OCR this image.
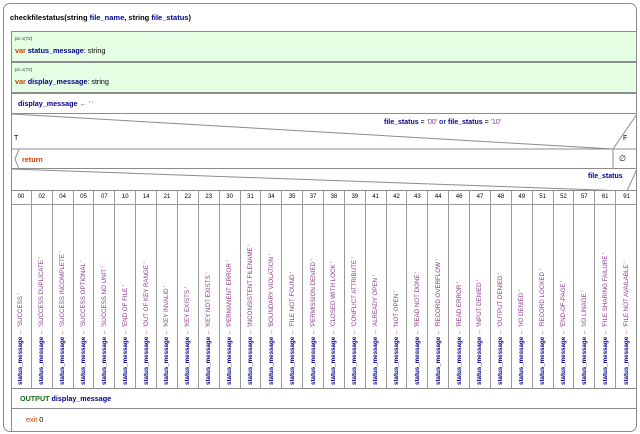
checkfilestatus(string file_name, string file_status)
pic x(72)
var status_message: string
pic x(72)
var display_message: string
display_message ← ' '
file_status = '00' or file_status = '10'
T	F
return	∅
file_status
00
status_message ← 'SUCCESS '
02
status_message ← 'SUCCESS DUPLICATE '
04
status_message ← 'SUCCESS INCOMPLETE '
05
status_message ← 'SUCCESS OPTIONAL '
07
status_message ← 'SUCCESS NO UNIT '
10
status_message ← 'END OF FILE '
14
status_message ← 'OUT OF KEY RANGE '
21
status_message ← 'KEY INVALID '
22
status_message ← 'KEY EXISTS '
23
status_message ← 'KEY NOT EXISTS '
30
status_message ← 'PERMANENT ERROR '
31
status_message ← 'INCONSISTENT FILENAME '
34
status_message ← 'BOUNDARY VIOLATION '
35
status_message ← 'FILE NOT FOUND '
37
status_message ← 'PERMISSION DENIED '
38
status_message ← 'CLOSED WITH LOCK '
39
status_message ← 'CONFLICT ATTRIBUTE '
41
status_message ← 'ALREADY OPEN '
42
status_message ← 'NOT OPEN '
43
status_message ← 'READ NOT DONE '
44
status_message ← 'RECORD OVERFLOW '
46
status_message ← 'READ ERROR '
47
status_message ← 'INPUT DENIED '
48
status_message ← 'OUTPUT DENIED '
49
status_message ← 'I/O DENIED '
51
status_message ← 'RECORD LOCKED '
52
status_message ← 'END-OF-PAGE '
57
status_message ← 'I/O LINAGE '
61
status_message ← 'FILE SHARING FAILURE '
91
status_message ← 'FILE NOT AVAILABLE '
OUTPUT display_message
exit 0
